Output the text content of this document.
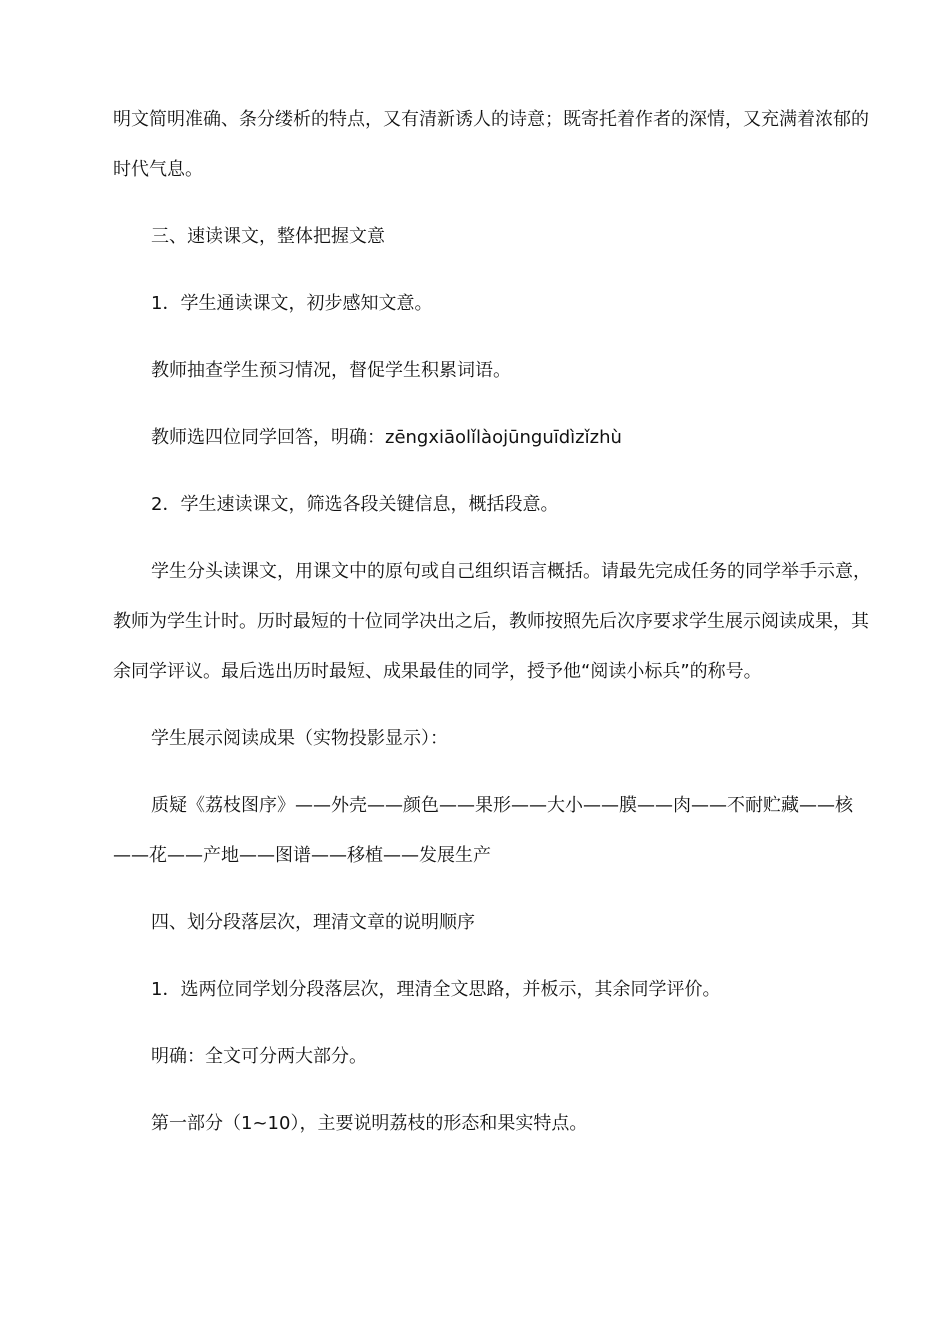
明文简明准确、条分缕析的特点，又有清新诱人的诗意；既寄托着作者的深情，又充满着浓郁的时代气息。

三、速读课文，整体把握文意

1．学生通读课文，初步感知文意。

教师抽查学生预习情况，督促学生积累词语。

教师选四位同学回答，明确：zēngxiāolǐlàojūnguīdìzǐzhù

2．学生速读课文，筛选各段关键信息，概括段意。

学生分头读课文，用课文中的原句或自己组织语言概括。请最先完成任务的同学举手示意，教师为学生计时。历时最短的十位同学决出之后，教师按照先后次序要求学生展示阅读成果，其余同学评议。最后选出历时最短、成果最佳的同学，授予他“阅读小标兵”的称号。

学生展示阅读成果（实物投影显示）：

质疑《荔枝图序》——外壳——颜色——果形——大小——膜——肉——不耐贮藏——核——花——产地——图谱——移植——发展生产

四、划分段落层次，理清文章的说明顺序

1．选两位同学划分段落层次，理清全文思路，并板示，其余同学评价。

明确：全文可分两大部分。

第一部分（1~10），主要说明荔枝的形态和果实特点。
